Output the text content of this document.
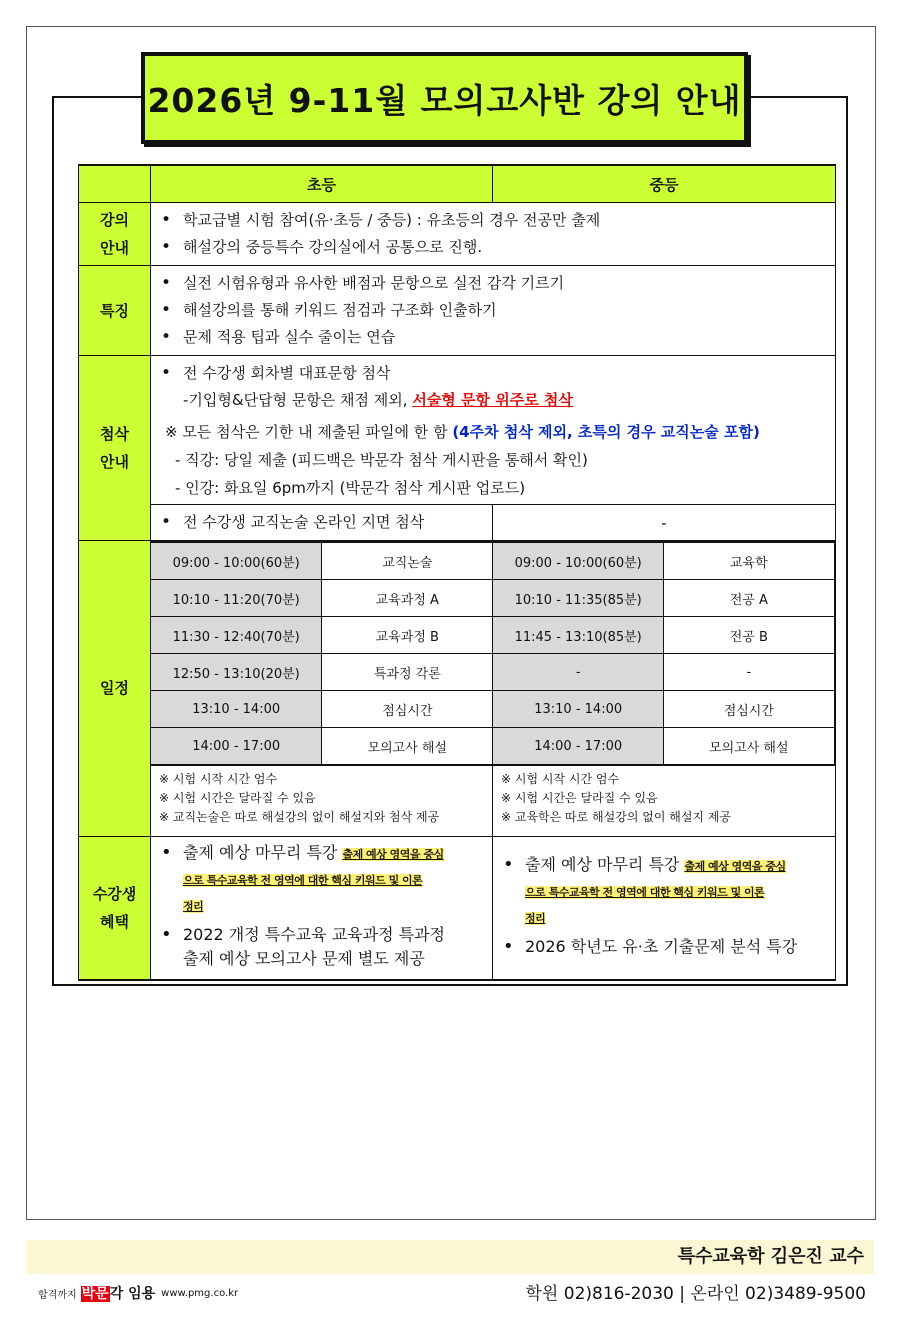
2026년 9-11월 모의고사반 강의 안내
	초등	중등

강의
안내

• 학교급별 시험 참여(유·초등 / 중등) : 유초등의 경우 전공만 출제
• 해설강의 중등특수 강의실에서 공통으로 진행.

특징	
• 실전 시험유형과 유사한 배점과 문항으로 실전 감각 기르기
• 해설강의를 통해 키워드 점검과 구조화 인출하기
• 문제 적용 팁과 실수 줄이는 연습

첨삭
안내

• 전 수강생 회차별 대표문항 첨삭
-기입형&단답형 문항은 채점 제외, 서술형 문항 위주로 첨삭
※ 모든 첨삭은 기한 내 제출된 파일에 한 함 (4주차 첨삭 제외, 초특의 경우 교직논술 포함)
- 직강: 당일 제출 (피드백은 박문각 첨삭 게시판을 통해서 확인)
- 인강: 화요일 6pm까지 (박문각 첨삭 게시판 업로드)

• 전 수강생 교직논술 온라인 지면 첨삭	-
일정	
09:00 - 10:00(60분)	교직논술	09:00 - 10:00(60분)	교육학
10:10 - 11:20(70분)	교육과정 A	10:10 - 11:35(85분)	전공 A
11:30 - 12:40(70분)	교육과정 B	11:45 - 13:10(85분)	전공 B
12:50 - 13:10(20분)	특과정 각론	-	-
13:10 - 14:00	점심시간	13:10 - 14:00	점심시간
14:00 - 17:00	모의고사 해설	14:00 - 17:00	모의고사 해설

※ 시험 시작 시간 엄수
※ 시험 시간은 달라질 수 있음
※ 교직논술은 따로 해설강의 없이 해설지와 첨삭 제공

※ 시험 시작 시간 엄수
※ 시험 시간은 달라질 수 있음
※ 교육학은 따로 해설강의 없이 해설지 제공

수강생
혜택

• 출제 예상 마무리 특강 출제 예상 영역을 중심
으로 특수교육학 전 영역에 대한 핵심 키워드 및 이론
정리
• 2022 개정 특수교육 교육과정 특과정
출제 예상 모의고사 문제 별도 제공

• 출제 예상 마무리 특강 출제 예상 영역을 중심
으로 특수교육학 전 영역에 대한 핵심 키워드 및 이론
정리
• 2026 학년도 유·초 기출문제 분석 특강
특수교육학 김은진 교수
합격까지 박문각 임용 www.pmg.co.kr	학원 02)816-2030 | 온라인 02)3489-9500
